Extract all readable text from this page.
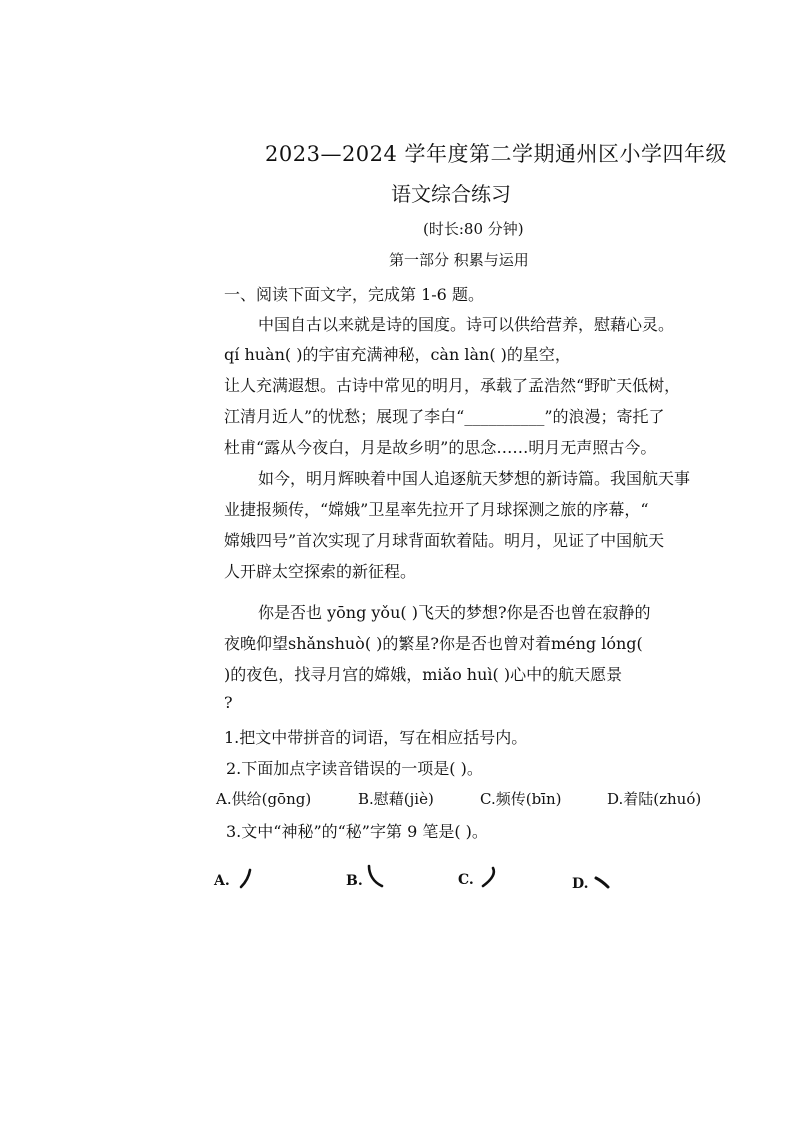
2023—2024 学年度第二学期通州区小学四年级
语文综合练习
(时长:80 分钟)
第一部分 积累与运用
一、阅读下面文字，完成第 1-6 题。
中国自古以来就是诗的国度。诗可以供给营养，慰藉心灵。
qí huàn( )的宇宙充满神秘，càn làn( )的星空，
让人充满遐想。古诗中常见的明月，承载了孟浩然“野旷天低树，
江清月近人”的忧愁；展现了李白“__________”的浪漫；寄托了
杜甫“露从今夜白，月是故乡明”的思念……明月无声照古今。
如今，明月辉映着中国人追逐航天梦想的新诗篇。我国航天事
业捷报频传，“嫦娥”卫星率先拉开了月球探测之旅的序幕，“
嫦娥四号”首次实现了月球背面软着陆。明月，见证了中国航天
人开辟太空探索的新征程。
你是否也 yōng yǒu( )飞天的梦想?你是否也曾在寂静的
夜晚仰望shǎnshuò( )的繁星?你是否也曾对着méng lóng(
)的夜色，找寻月宫的嫦娥，miǎo huì( )心中的航天愿景
?
1.把文中带拼音的词语，写在相应括号内。
2.下面加点字读音错误的一项是( )。
A.供给(gōng)	B.慰藉(jiè)	C.频传(bīn)	D.着陆(zhuó)
3.文中“神秘”的“秘”字第 9 笔是( )。
A.	B.	C.	D.
